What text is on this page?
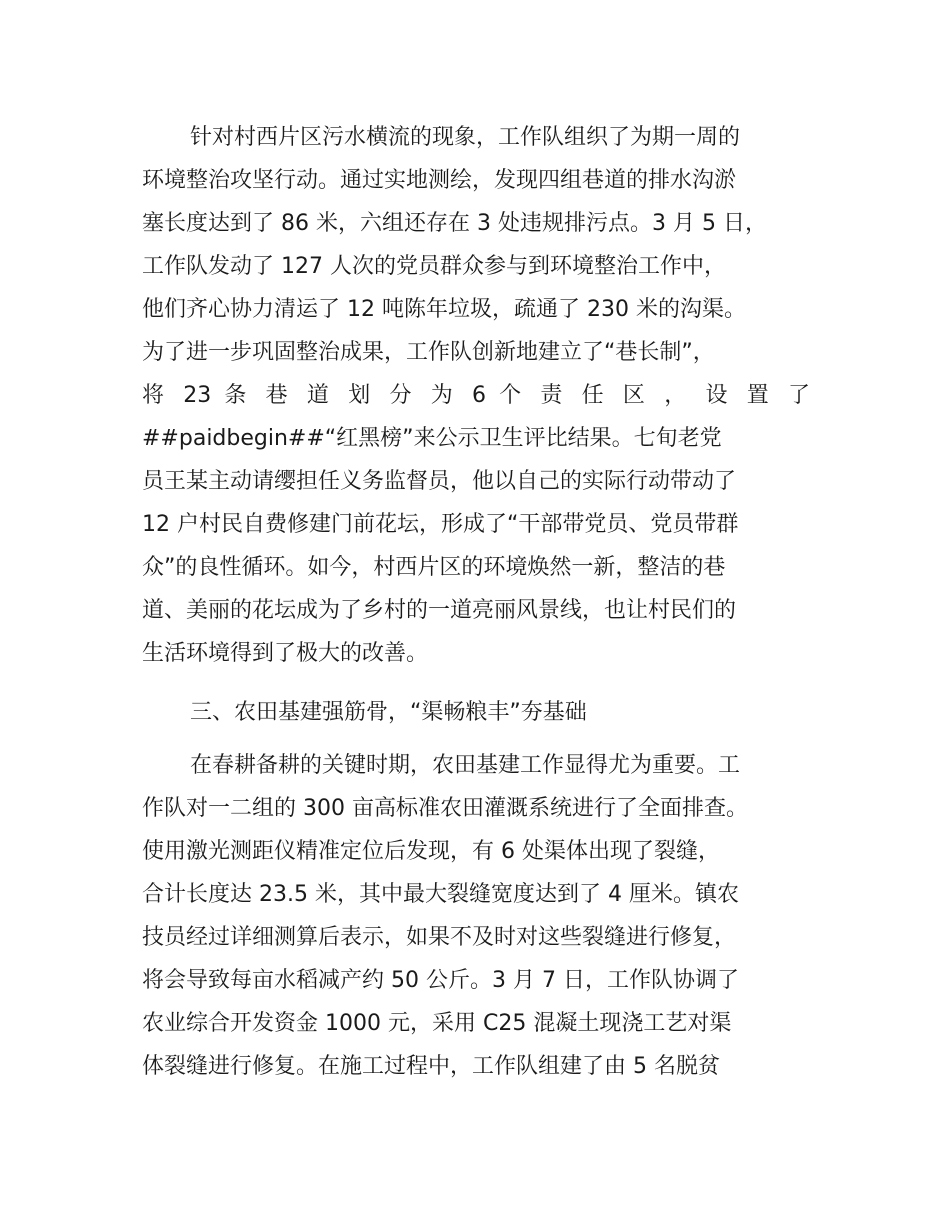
针对村西片区污水横流的现象，工作队组织了为期一周的
环境整治攻坚行动。通过实地测绘，发现四组巷道的排水沟淤
塞长度达到了 86 米，六组还存在 3 处违规排污点。3 月 5 日，
工作队发动了 127 人次的党员群众参与到环境整治工作中，
他们齐心协力清运了 12 吨陈年垃圾，疏通了 230 米的沟渠。
为了进一步巩固整治成果，工作队创新地建立了“巷长制”，
将 23 条 巷 道 划 分 为 6 个 责 任 区 ， 设 置 了
##paidbegin##“红黑榜”来公示卫生评比结果。七旬老党
员王某主动请缨担任义务监督员，他以自己的实际行动带动了
12 户村民自费修建门前花坛，形成了“干部带党员、党员带群
众”的良性循环。如今，村西片区的环境焕然一新，整洁的巷
道、美丽的花坛成为了乡村的一道亮丽风景线，也让村民们的
生活环境得到了极大的改善。
三、农田基建强筋骨，“渠畅粮丰”夯基础
在春耕备耕的关键时期，农田基建工作显得尤为重要。工
作队对一二组的 300 亩高标准农田灌溉系统进行了全面排查。
使用激光测距仪精准定位后发现，有 6 处渠体出现了裂缝，
合计长度达 23.5 米，其中最大裂缝宽度达到了 4 厘米。镇农
技员经过详细测算后表示，如果不及时对这些裂缝进行修复，
将会导致每亩水稻减产约 50 公斤。3 月 7 日，工作队协调了
农业综合开发资金 1000 元，采用 C25 混凝土现浇工艺对渠
体裂缝进行修复。在施工过程中，工作队组建了由 5 名脱贫
